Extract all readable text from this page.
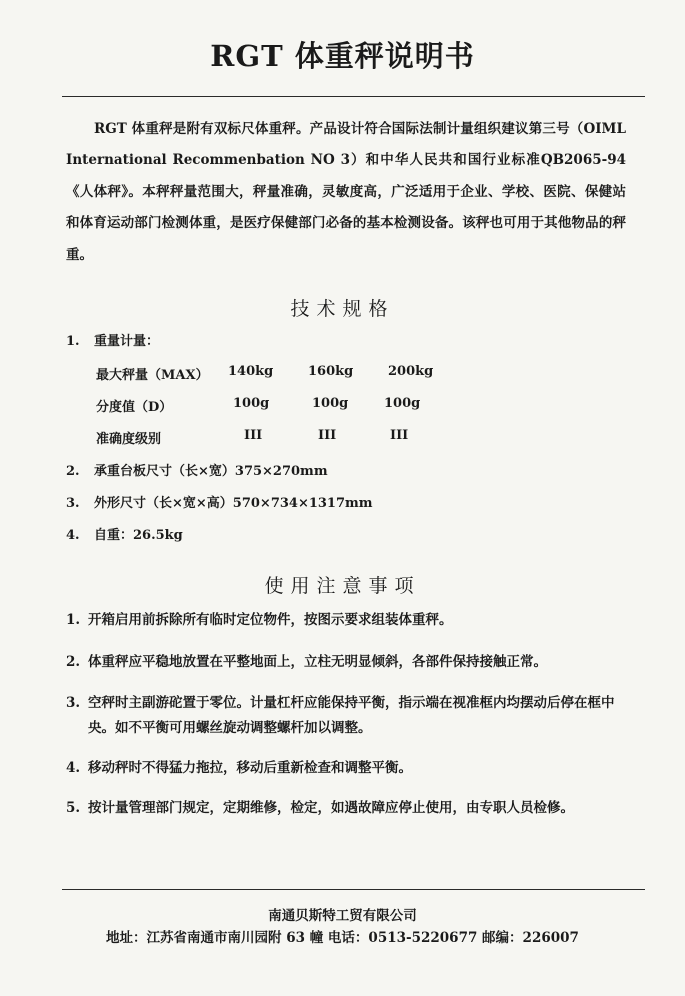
RGT 体重秤说明书

RGT 体重秤是附有双标尺体重秤。产品设计符合国际法制计量组织建议第三号（OIML International Recommenbation NO 3）和中华人民共和国行业标准QB2065-94《人体秤》。本秤秤量范围大，秤量准确，灵敏度高，广泛适用于企业、学校、医院、保健站和体育运动部门检测体重，是医疗保健部门必备的基本检测设备。该秤也可用于其他物品的秤重。

技术规格
1. 重量计量：
最大秤量（MAX） 140kg	160kg	200kg
分度值（D）	100g	100g	100g
准确度级别	III	III	III
2. 承重台板尺寸（长×宽）375×270mm
3. 外形尺寸（长×宽×高）570×734×1317mm
4. 自重：26.5kg
使用注意事项
1. 开箱启用前拆除所有临时定位物件，按图示要求组装体重秤。
2. 体重秤应平稳地放置在平整地面上，立柱无明显倾斜，各部件保持接触正常。
3. 空秤时主副游砣置于零位。计量杠杆应能保持平衡，指示端在视准框内均摆动后停在框中央。如不平衡可用螺丝旋动调整螺杆加以调整。
4. 移动秤时不得猛力拖拉，移动后重新检查和调整平衡。
5. 按计量管理部门规定，定期维修，检定，如遇故障应停止使用，由专职人员检修。
南通贝斯特工贸有限公司
地址：江苏省南通市南川园附 63 幢 电话：0513-5220677 邮编：226007
